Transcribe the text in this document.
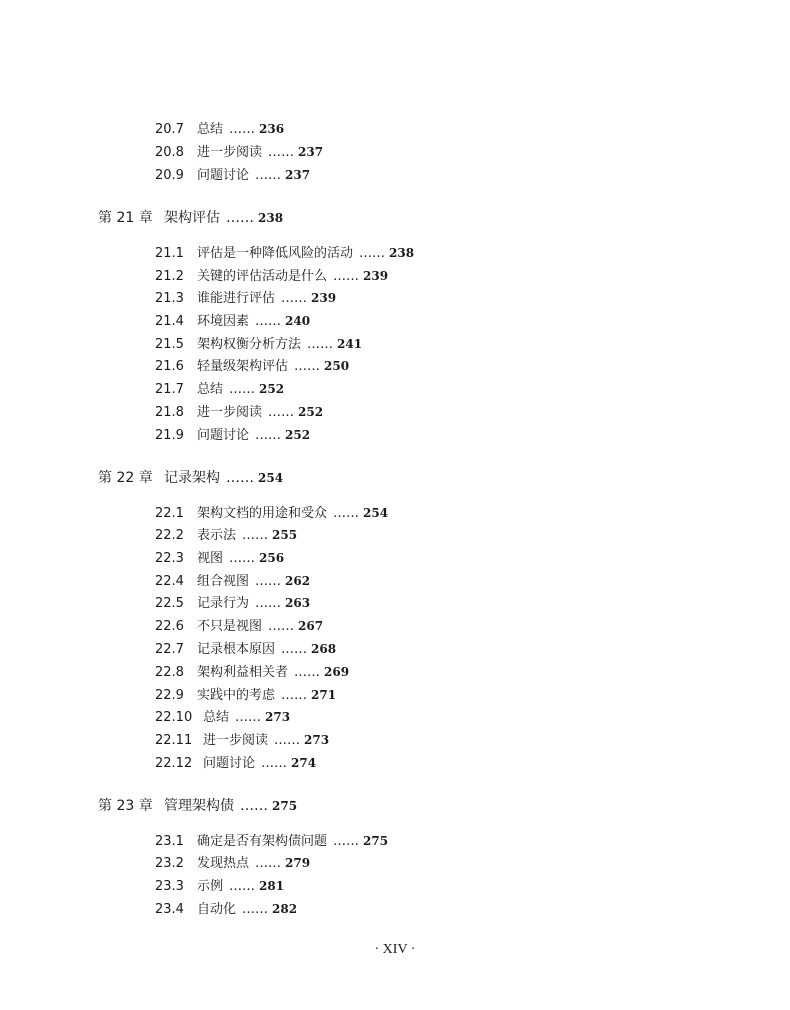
20.7 总结 …… 236
20.8 进一步阅读 …… 237
20.9 问题讨论 …… 237
第 21 章 架构评估 …… 238
21.1 评估是一种降低风险的活动 …… 238
21.2 关键的评估活动是什么 …… 239
21.3 谁能进行评估 …… 239
21.4 环境因素 …… 240
21.5 架构权衡分析方法 …… 241
21.6 轻量级架构评估 …… 250
21.7 总结 …… 252
21.8 进一步阅读 …… 252
21.9 问题讨论 …… 252
第 22 章 记录架构 …… 254
22.1 架构文档的用途和受众 …… 254
22.2 表示法 …… 255
22.3 视图 …… 256
22.4 组合视图 …… 262
22.5 记录行为 …… 263
22.6 不只是视图 …… 267
22.7 记录根本原因 …… 268
22.8 架构利益相关者 …… 269
22.9 实践中的考虑 …… 271
22.10 总结 …… 273
22.11 进一步阅读 …… 273
22.12 问题讨论 …… 274
第 23 章 管理架构债 …… 275
23.1 确定是否有架构债问题 …… 275
23.2 发现热点 …… 279
23.3 示例 …… 281
23.4 自动化 …… 282
· XIV ·
